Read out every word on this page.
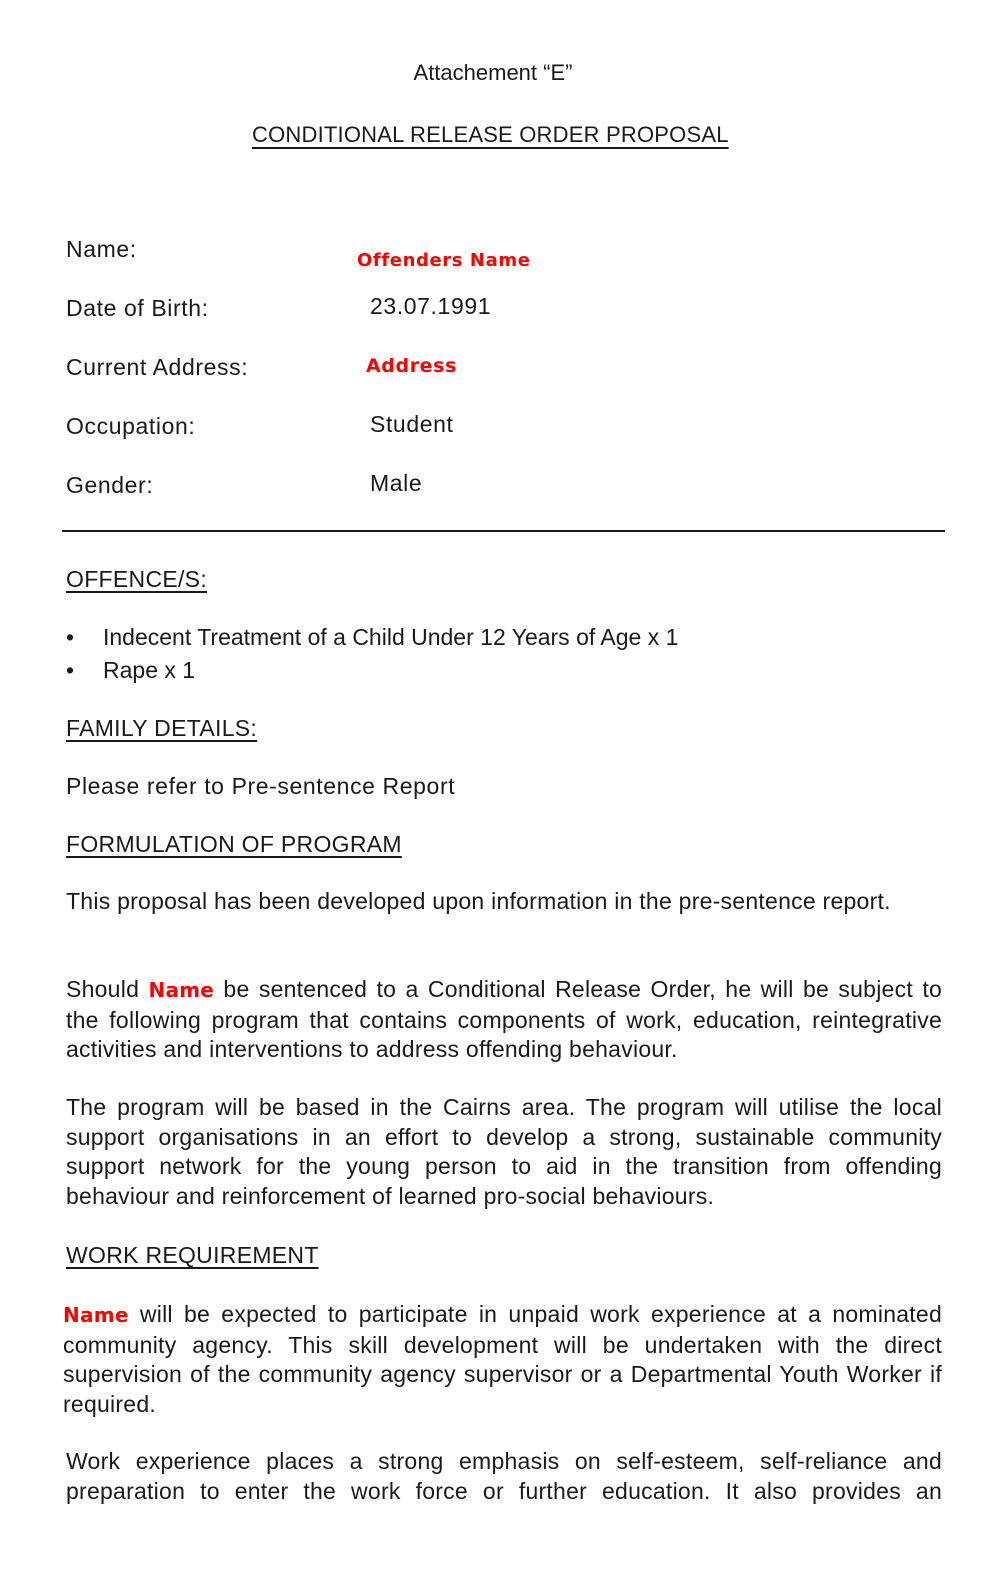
Attachement “E”
CONDITIONAL RELEASE ORDER PROPOSAL
Name:	Offenders Name
Date of Birth:	23.07.1991
Current Address:	Address
Occupation:	Student
Gender:	Male
OFFENCE/S:
• Indecent Treatment of a Child Under 12 Years of Age x 1
• Rape x 1
FAMILY DETAILS:
Please refer to Pre-sentence Report
FORMULATION OF PROGRAM
This proposal has been developed upon information in the pre-sentence report.
Should Name be sentenced to a Conditional Release Order, he will be subject to the following program that contains components of work, education, reintegrative activities and interventions to address offending behaviour.
The program will be based in the Cairns area. The program will utilise the local support organisations in an effort to develop a strong, sustainable community support network for the young person to aid in the transition from offending behaviour and reinforcement of learned pro-social behaviours.
WORK REQUIREMENT
Name will be expected to participate in unpaid work experience at a nominated community agency. This skill development will be undertaken with the direct supervision of the community agency supervisor or a Departmental Youth Worker if required.
Work experience places a strong emphasis on self-esteem, self-reliance and preparation to enter the work force or further education. It also provides an
